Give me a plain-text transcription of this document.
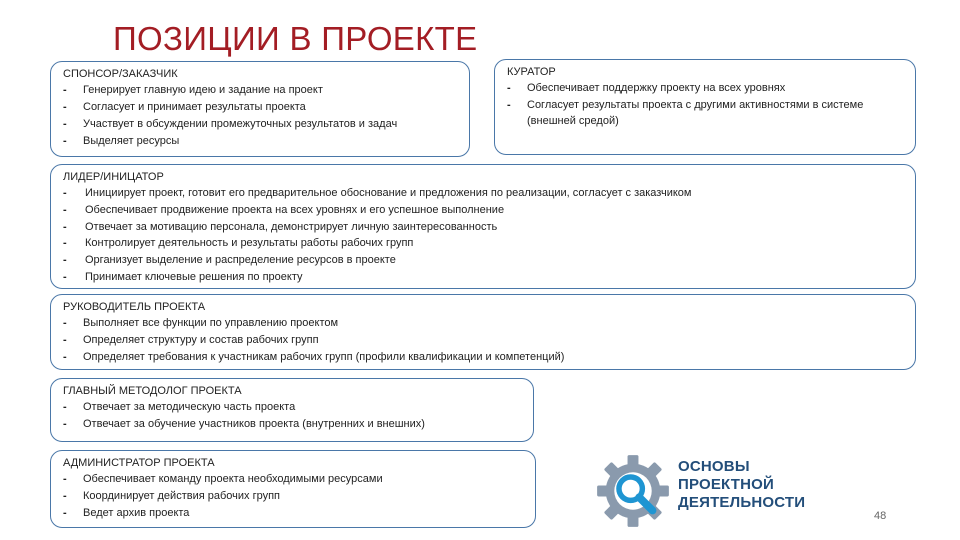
ПОЗИЦИИ В ПРОЕКТЕ
СПОНСОР/ЗАКАЗЧИК
- Генерирует главную идею и задание на проект
- Согласует и принимает результаты проекта
- Участвует в обсуждении промежуточных результатов и задач
- Выделяет ресурсы
КУРАТОР
- Обеспечивает поддержку проекту на всех уровнях
- Согласует результаты проекта с другими активностями в системе (внешней средой)
ЛИДЕР/ИНИЦАТОР
- Инициирует проект, готовит его предварительное обоснование и предложения по реализации, согласует с заказчиком
- Обеспечивает продвижение проекта на всех уровнях и его успешное выполнение
- Отвечает за мотивацию персонала, демонстрирует личную заинтересованность
- Контролирует деятельность и результаты работы рабочих групп
- Организует выделение и распределение ресурсов в проекте
- Принимает ключевые решения по проекту
РУКОВОДИТЕЛЬ ПРОЕКТА
- Выполняет все функции по управлению проектом
- Определяет структуру и состав рабочих групп
- Определяет требования к участникам рабочих групп (профили квалификации и компетенций)
ГЛАВНЫЙ МЕТОДОЛОГ ПРОЕКТА
- Отвечает за методическую часть проекта
- Отвечает за обучение участников проекта (внутренних и внешних)
АДМИНИСТРАТОР ПРОЕКТА
- Обеспечивает команду проекта необходимыми ресурсами
- Координирует действия рабочих групп
- Ведет архив проекта
ОСНОВЫ
ПРОЕКТНОЙ
ДЕЯТЕЛЬНОСТИ
48
